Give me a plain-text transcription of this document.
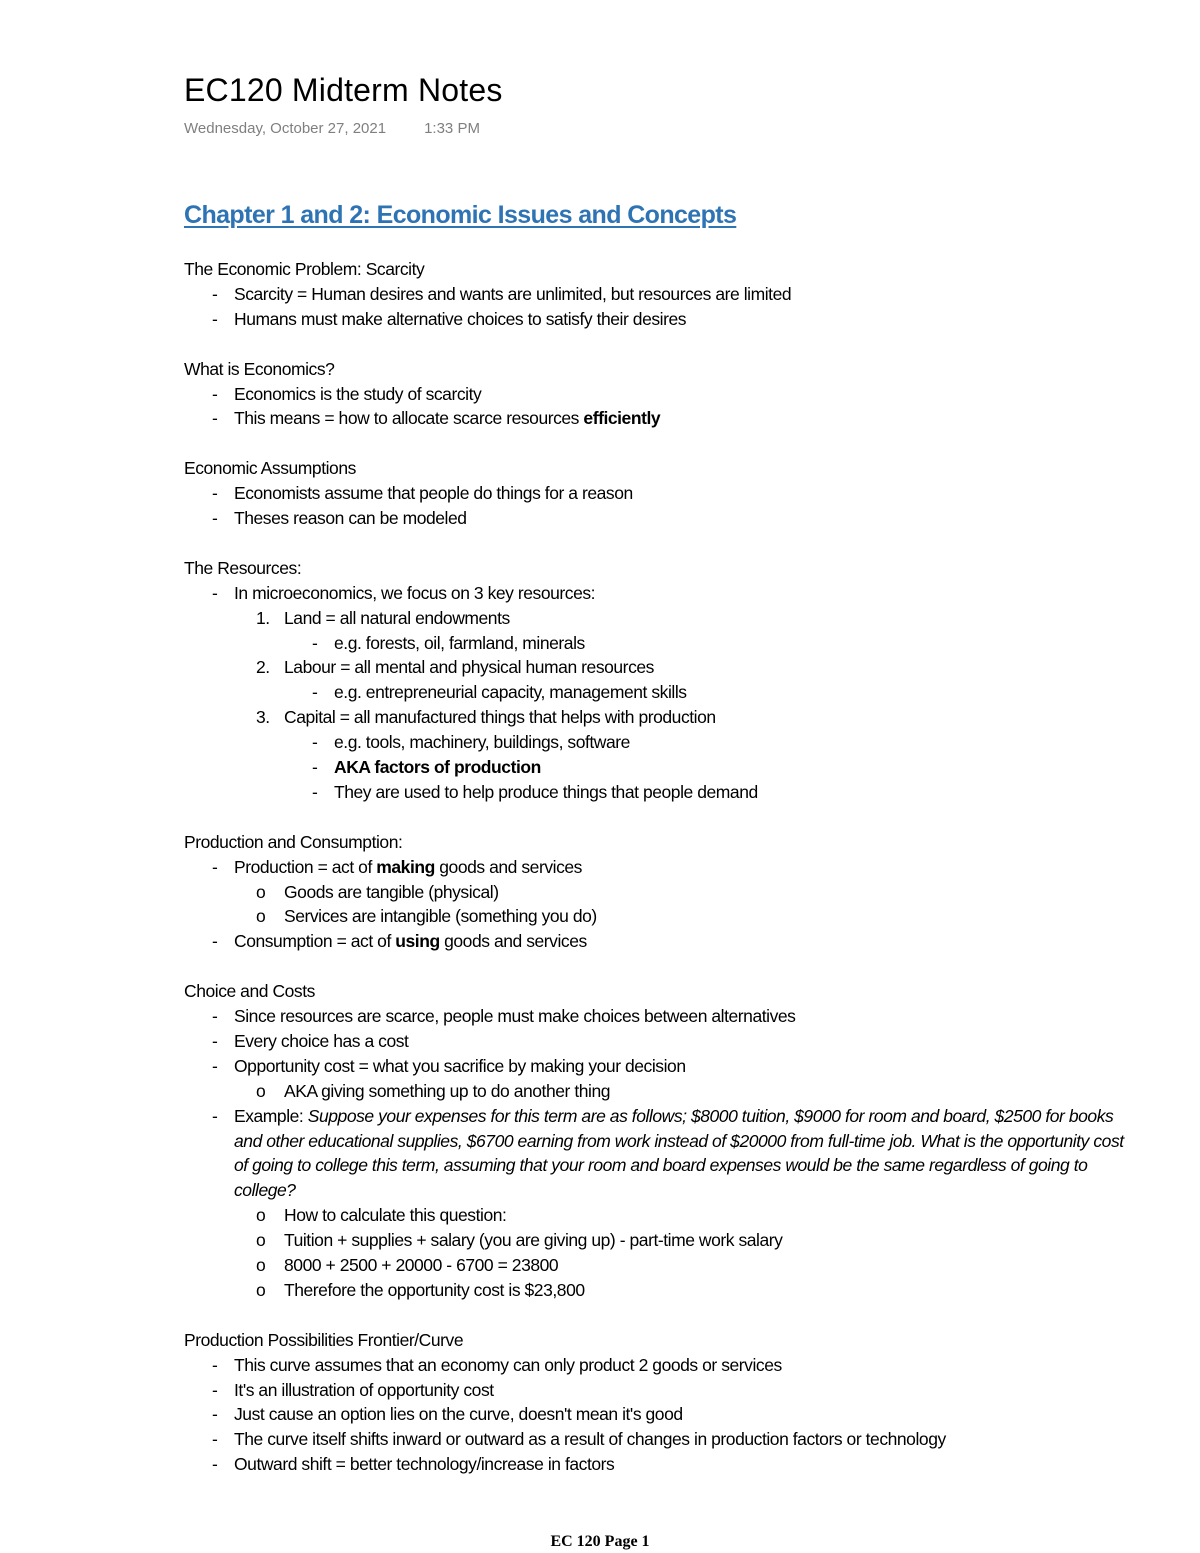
EC120 Midterm Notes
Wednesday, October 27, 2021	1:33 PM
Chapter 1 and 2: Economic Issues and Concepts
The Economic Problem: Scarcity
- Scarcity = Human desires and wants are unlimited, but resources are limited
- Humans must make alternative choices to satisfy their desires
What is Economics?
- Economics is the study of scarcity
- This means = how to allocate scarce resources efficiently
Economic Assumptions
- Economists assume that people do things for a reason
- Theses reason can be modeled
The Resources:
- In microeconomics, we focus on 3 key resources:
1. Land = all natural endowments
- e.g. forests, oil, farmland, minerals
2. Labour = all mental and physical human resources
- e.g. entrepreneurial capacity, management skills
3. Capital = all manufactured things that helps with production
- e.g. tools, machinery, buildings, software
- AKA factors of production
- They are used to help produce things that people demand
Production and Consumption:
- Production = act of making goods and services
o Goods are tangible (physical)
o Services are intangible (something you do)
- Consumption = act of using goods and services
Choice and Costs
- Since resources are scarce, people must make choices between alternatives
- Every choice has a cost
- Opportunity cost = what you sacrifice by making your decision
o AKA giving something up to do another thing
- Example: Suppose your expenses for this term are as follows; $8000 tuition, $9000 for room and board, $2500 for books and other educational supplies, $6700 earning from work instead of $20000 from full-time job. What is the opportunity cost of going to college this term, assuming that your room and board expenses would be the same regardless of going to college?
o How to calculate this question:
o Tuition + supplies + salary (you are giving up) - part-time work salary
o 8000 + 2500 + 20000 - 6700 = 23800
o Therefore the opportunity cost is $23,800
Production Possibilities Frontier/Curve
- This curve assumes that an economy can only product 2 goods or services
- It's an illustration of opportunity cost
- Just cause an option lies on the curve, doesn't mean it's good
- The curve itself shifts inward or outward as a result of changes in production factors or technology
- Outward shift = better technology/increase in factors
EC 120 Page 1
